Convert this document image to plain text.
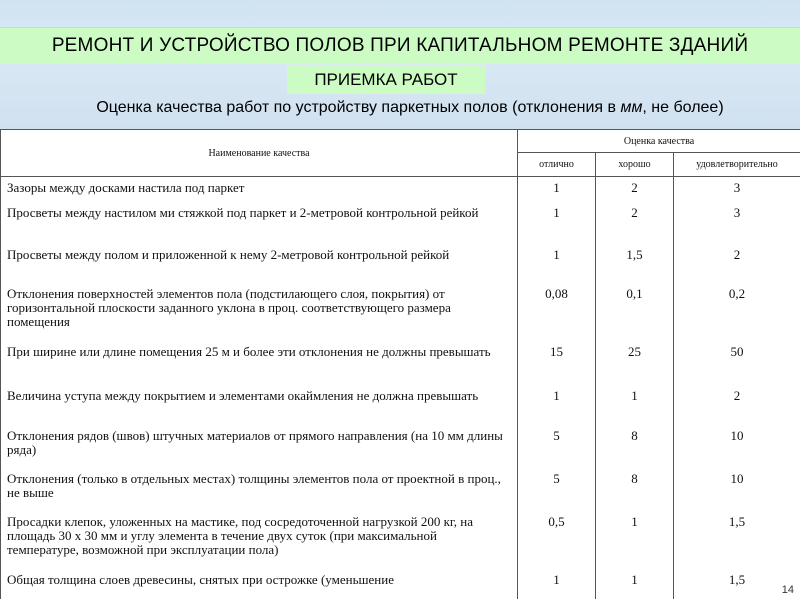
РЕМОНТ И УСТРОЙСТВО ПОЛОВ ПРИ КАПИТАЛЬНОМ РЕМОНТЕ ЗДАНИЙ
ПРИЕМКА РАБОТ
Оценка качества работ по устройству паркетных полов (отклонения в мм, не более)
Наименование качества	Оценка качества		
	отлично	хорошо	удовлетворительно
Зазоры между досками настила под паркет	1	2	3
Просветы между настилом ми стяжкой под паркет и 2-метровой контрольной рейкой	1	2	3
Просветы между полом и приложенной к нему 2-метровой контрольной рейкой	1	1,5	2
Отклонения поверхностей элементов пола (подстилающего слоя, покрытия) от горизонтальной плоскости заданного уклона в проц. соответствующего размера помещения	0,08	0,1	0,2
При ширине или длине помещения 25 м и более эти отклонения не должны превышать	15	25	50
Величина уступа между покрытием и элементами окаймления не должна превышать	1	1	2
Отклонения рядов (швов) штучных материалов от прямого направления (на 10 мм длины ряда)	5	8	10
Отклонения (только в отдельных местах) толщины элементов пола от проектной в проц., не выше	5	8	10
Просадки клепок, уложенных на мастике, под сосредоточенной нагрузкой 200 кг, на площадь 30 х 30 мм и углу элемента в течение двух суток (при максимальной температуре, возможной при эксплуатации пола)	0,5	1	1,5
Общая толщина слоев древесины, снятых при острожке (уменьшение	1	1	1,5
14
